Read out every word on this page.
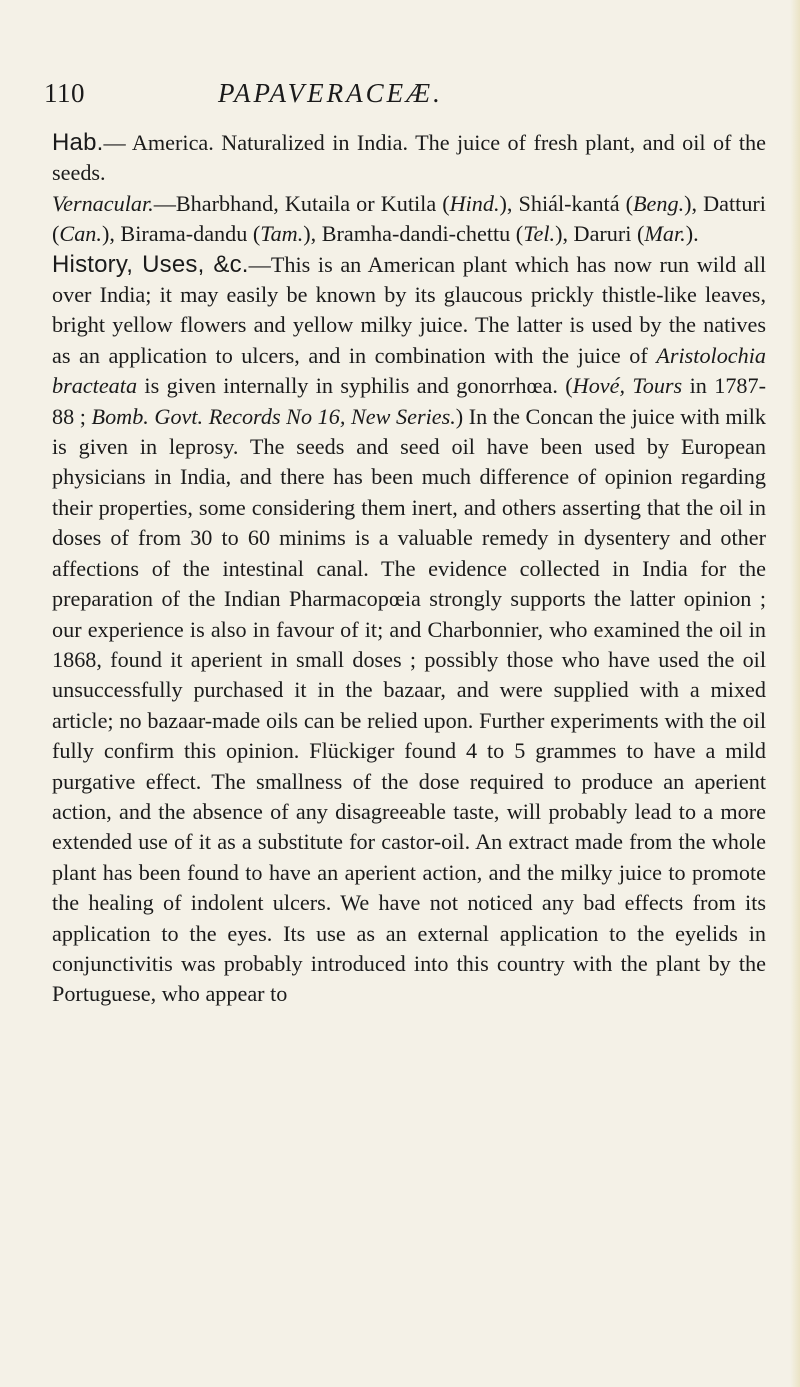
110	PAPAVERACEÆ.

Hab.— America. Naturalized in India. The juice of fresh plant, and oil of the seeds.

Vernacular.—Bharbhand, Kutaila or Kutila (Hind.), Shiál-kantá (Beng.), Datturi (Can.), Birama-dandu (Tam.), Bramha-dandi-chettu (Tel.), Daruri (Mar.).

History, Uses, &c.—This is an American plant which has now run wild all over India; it may easily be known by its glaucous prickly thistle-like leaves, bright yellow flowers and yellow milky juice. The latter is used by the natives as an application to ulcers, and in combination with the juice of Aristolochia bracteata is given internally in syphilis and gonorrhœa. (Hové, Tours in 1787-88 ; Bomb. Govt. Records No 16, New Series.) In the Concan the juice with milk is given in leprosy. The seeds and seed oil have been used by European physicians in India, and there has been much difference of opinion regarding their properties, some considering them inert, and others asserting that the oil in doses of from 30 to 60 minims is a valuable remedy in dysentery and other affections of the intestinal canal. The evidence collected in India for the preparation of the Indian Pharmacopœia strongly supports the latter opinion ; our experience is also in favour of it; and Charbonnier, who examined the oil in 1868, found it aperient in small doses ; possibly those who have used the oil unsuccessfully purchased it in the bazaar, and were supplied with a mixed article; no bazaar-made oils can be relied upon. Further experiments with the oil fully confirm this opinion. Flückiger found 4 to 5 grammes to have a mild purgative effect. The smallness of the dose required to produce an aperient action, and the absence of any disagreeable taste, will probably lead to a more extended use of it as a substitute for castor-oil. An extract made from the whole plant has been found to have an aperient action, and the milky juice to promote the healing of indolent ulcers. We have not noticed any bad effects from its application to the eyes. Its use as an external application to the eyelids in conjunctivitis was probably introduced into this country with the plant by the Portuguese, who appear to
